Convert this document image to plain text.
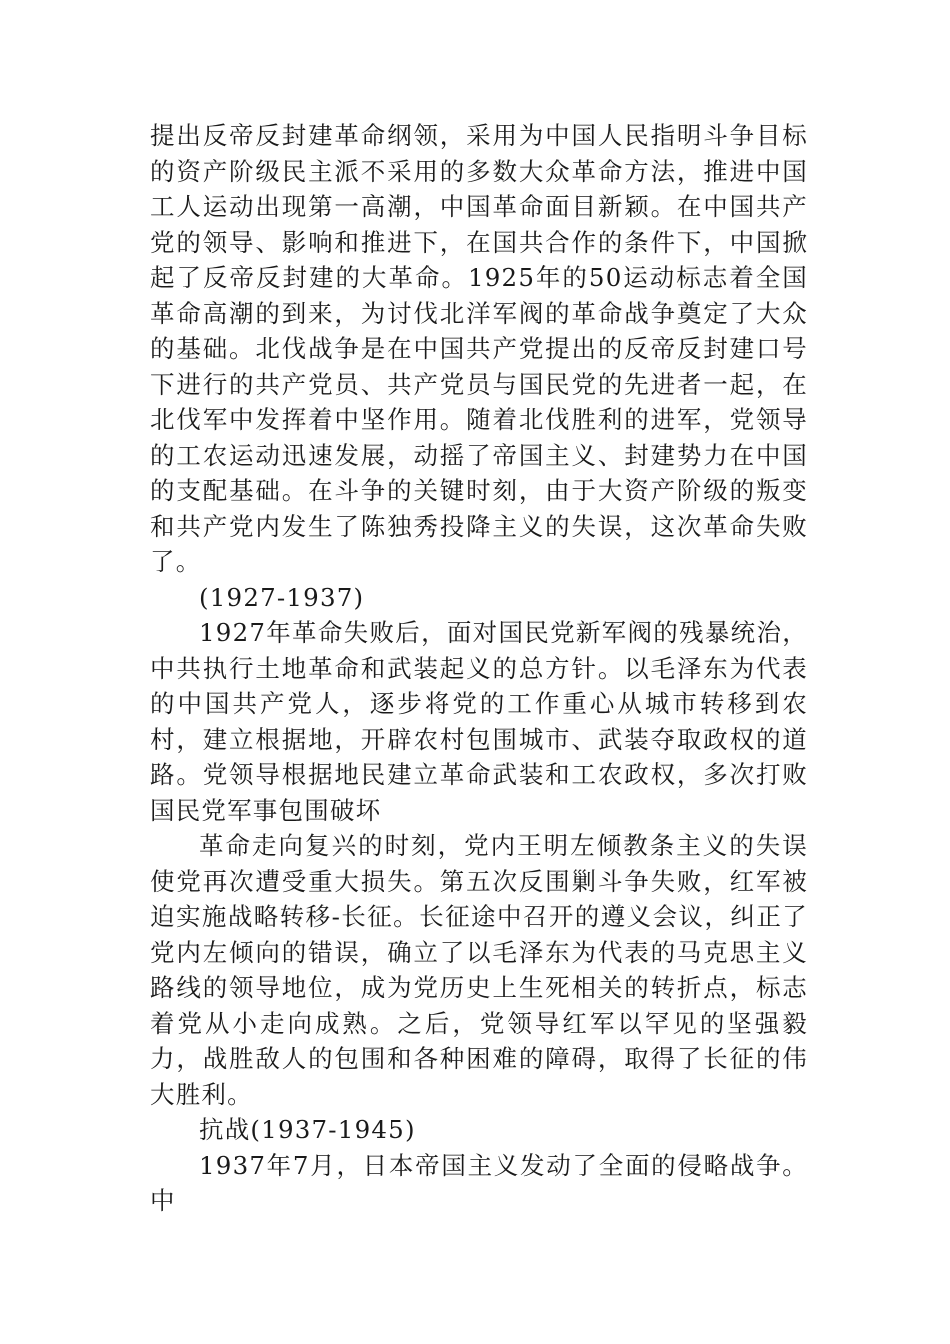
提出反帝反封建革命纲领，采用为中国人民指明斗争目标的资产阶级民主派不采用的多数大众革命方法，推进中国工人运动出现第一高潮，中国革命面目新颖。在中国共产党的领导、影响和推进下，在国共合作的条件下，中国掀起了反帝反封建的大革命。1925年的50运动标志着全国革命高潮的到来，为讨伐北洋军阀的革命战争奠定了大众的基础。北伐战争是在中国共产党提出的反帝反封建口号下进行的共产党员、共产党员与国民党的先进者一起，在北伐军中发挥着中坚作用。随着北伐胜利的进军，党领导的工农运动迅速发展，动摇了帝国主义、封建势力在中国的支配基础。在斗争的关键时刻，由于大资产阶级的叛变和共产党内发生了陈独秀投降主义的失误，这次革命失败了。

(1927-1937)

1927年革命失败后，面对国民党新军阀的残暴统治，中共执行土地革命和武装起义的总方针。以毛泽东为代表的中国共产党人，逐步将党的工作重心从城市转移到农村，建立根据地，开辟农村包围城市、武装夺取政权的道路。党领导根据地民建立革命武装和工农政权，多次打败国民党军事包围破坏

革命走向复兴的时刻，党内王明左倾教条主义的失误使党再次遭受重大损失。第五次反围剿斗争失败，红军被迫实施战略转移-长征。长征途中召开的遵义会议，纠正了党内左倾向的错误，确立了以毛泽东为代表的马克思主义路线的领导地位，成为党历史上生死相关的转折点，标志着党从小走向成熟。之后，党领导红军以罕见的坚强毅力，战胜敌人的包围和各种困难的障碍，取得了长征的伟大胜利。

抗战(1937-1945)

1937年7月，日本帝国主义发动了全面的侵略战争。中
